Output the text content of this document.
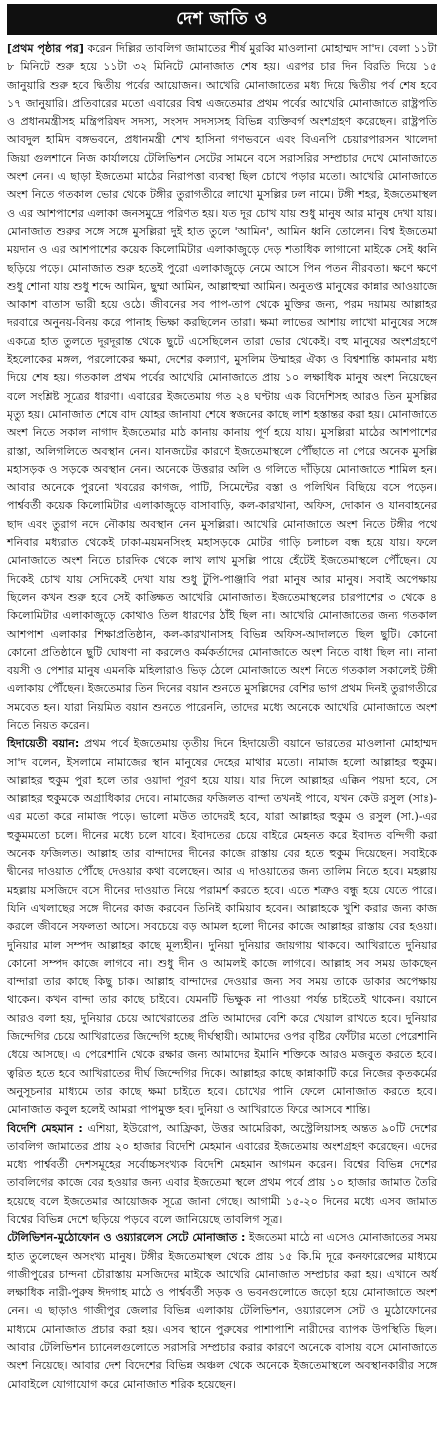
দেশ জাতি ও

[প্রথম পৃষ্ঠার পর] করেন দিল্লির তাবলিগ জামাতের শীর্ষ মুরব্বি মাওলানা মোহাম্মদ সা'দ। বেলা ১১টা ৮ মিনিটে শুরু হয়ে ১১টা ৩২ মিনিটে মোনাজাত শেষ হয়। এরপর চার দিন বিরতি দিয়ে ১৫ জানুয়ারি শুরু হবে দ্বিতীয় পর্বের আয়োজন। আখেরি মোনাজাতের মধ্য দিয়ে দ্বিতীয় পর্ব শেষ হবে ১৭ জানুয়ারি। প্রতিবারের মতো এবারের বিশ্ব এজতেমার প্রথম পর্বের আখেরি মোনাজাতে রাষ্ট্রপতি ও প্রধানমন্ত্রীসহ মন্ত্রিপরিষদ সদস্য, সংসদ সদস্যসহ বিভিন্ন ব্যক্তিবর্গ অংশগ্রহণ করেছেন। রাষ্ট্রপতি আবদুল হামিদ বঙ্গভবনে, প্রধানমন্ত্রী শেখ হাসিনা গণভবনে এবং বিএনপি চেয়ারপারসন খালেদা জিয়া গুলশানে নিজ কার্যালয়ে টেলিভিশন সেটের সামনে বসে সরাসরির সম্প্রচার দেখে মোনাজাতে অংশ নেন। এ ছাড়া ইজতেমা মাঠের নিরাপত্তা ব্যবস্থা ছিল চোখে পড়ার মতো। আখেরি মোনাজাতে অংশ নিতে গতকাল ভোর থেকে টঙ্গীর তুরাগতীরে লাখো মুসল্লির ঢল নামে। টঙ্গী শহর, ইজতেমাস্থল ও এর আশপাশের এলাকা জনসমুদ্রে পরিণত হয়। যত দূর চোখ যায় শুধু মানুষ আর মানুষ দেখা যায়। মোনাজাত শুরুর সঙ্গে সঙ্গে মুসল্লিরা দুই হাত তুলে 'আমিন', আমিন ধ্বনি তোলেন। বিশ্ব ইজতেমা ময়দান ও এর আশপাশের কয়েক কিলোমিটার এলাকাজুড়ে দেড় শতাধিক লাগানো মাইকে সেই ধ্বনি ছড়িয়ে পড়ে। মোনাজাত শুরু হতেই পুরো এলাকাজুড়ে নেমে আসে পিন পতন নীরবতা। ক্ষণে ক্ষণে শুধু শোনা যায় শুধু শব্দে আমিন, ছুম্মা আমিন, আল্লাহুম্মা আমিন। অনুতপ্ত মানুষের কান্নার আওয়াজে আকাশ বাতাস ভারী হয়ে ওঠে। জীবনের সব পাপ-তাপ থেকে মুক্তির জন্য, পরম দয়াময় আল্লাহর দরবারে অনুনয়-বিনয় করে পানাহ ভিক্ষা করছিলেন তারা। ক্ষমা লাভের আশায় লাখো মানুষের সঙ্গে একত্রে হাত তুলতে দূরদূরান্ত থেকে ছুটে এসেছিলেন তারা ভোর থেকেই। বহু মানুষের অংশগ্রহণে ইহলোকের মঙ্গল, পরলোকের ক্ষমা, দেশের কল্যাণ, মুসলিম উম্মাহর ঐক্য ও বিশ্বশান্তি কামনার মধ্য দিয়ে শেষ হয়। গতকাল প্রথম পর্বের আখেরি মোনাজাতে প্রায় ১০ লক্ষাধিক মানুষ অংশ নিয়েছেন বলে সংশ্লিষ্ট সূত্রের ধারণা। এবারের ইজতেমায় গত ২৪ ঘণ্টায় এক বিদেশিসহ আরও তিন মুসল্লির মৃত্যু হয়। মোনাজাত শেষে বাদ যোহর জানাযা শেষে স্বজনের কাছে লাশ হস্তান্তর করা হয়। মোনাজাতে অংশ নিতে সকাল নাগাদ ইজতেমার মাঠ কানায় কানায় পূর্ণ হয়ে যায়। মুসল্লিরা মাঠের আশপাশের রাস্তা, অলিগলিতে অবস্থান নেন। যানজটের কারণে ইজতেমাস্থলে পৌঁছাতে না পেরে অনেক মুসল্লি মহাসড়ক ও সড়কে অবস্থান নেন। অনেকে উত্তরার অলি ও গলিতে দাঁড়িয়ে মোনাজাতে শামিল হন। আবার অনেকে পুরনো খবরের কাগজ, পাটি, সিমেন্টের বস্তা ও পলিথিন বিছিয়ে বসে পড়েন। পার্শ্ববর্তী কয়েক কিলোমিটার এলাকাজুড়ে বাসাবাড়ি, কল-কারখানা, অফিস, দোকান ও যানবাহনের ছাদ এবং তুরাগ নদে নৌকায় অবস্থান নেন মুসল্লিরা। আখেরি মোনাজাতে অংশ নিতে টঙ্গীর পথে শনিবার মধ্যরাত থেকেই ঢাকা-ময়মনসিংহ মহাসড়কে মোটর গাড়ি চলাচল বন্ধ হয়ে যায়। ফলে মোনাজাতে অংশ নিতে চারদিক থেকে লাখ লাখ মুসল্লি পায়ে হেঁটেই ইজতেমাস্থলে পৌঁছেন। যে দিকেই চোখ যায় সেদিকেই দেখা যায় শুধু টুপি-পাঞ্জাবি পরা মানুষ আর মানুষ। সবাই অপেক্ষায় ছিলেন কখন শুরু হবে সেই কাঙ্ক্ষিত আখেরি মোনাজাত। ইজতেমাস্থলের চারপাশের ৩ থেকে ৪ কিলোমিটার এলাকাজুড়ে কোথাও তিল ধারণের ঠাঁই ছিল না। আখেরি মোনাজাতের জন্য গতকাল আশপাশ এলাকার শিক্ষাপ্রতিষ্ঠান, কল-কারখানাসহ বিভিন্ন অফিস-আদালতে ছিল ছুটি। কোনো কোনো প্রতিষ্ঠানে ছুটি ঘোষণা না করলেও কর্মকর্তাদের মোনাজাতে অংশ নিতে বাধা ছিল না। নানা বয়সী ও পেশার মানুষ এমনকি মহিলারাও ভিড় ঠেলে মোনাজাতে অংশ নিতে গতকাল সকালেই টঙ্গী এলাকায় পৌঁছেন। ইজতেমার তিন দিনের বয়ান শুনতে মুসল্লিদের বেশির ভাগ প্রথম দিনই তুরাগতীরে সমবেত হন। যারা নিয়মিত বয়ান শুনতে পারেননি, তাদের মধ্যে অনেকে আখেরি মোনাজাতে অংশ নিতে নিয়ত করেন।

হিদায়েতী বয়ান: প্রথম পর্বে ইজতেমায় তৃতীয় দিনে হিদায়েতী বয়ানে ভারতের মাওলানা মোহাম্মদ সা'দ বলেন, ইসলামে নামাজের স্থান মানুষের দেহের মাথার মতো। নামাজ হলো আল্লাহর হুকুম। আল্লাহর হুকুম পুরা হলে তার ওয়াদা পূরণ হয়ে যায়। যার দিলে আল্লাহর এক্কিন পয়দা হবে, সে আল্লাহর হুকুমকে অগ্রাধিকার দেবে। নামাজের ফজিলত বান্দা তখনই পাবে, যখন কেউ রসুল (সাঃ)-এর মতো করে নামাজ পড়ে। ভালো মউত তাদেরই হবে, যারা আল্লাহর হুকুম ও রসুল (সা.)-এর হুকুমমতো চলে। দীনের মধ্যে চলে যাবে। ইবাদতের চেয়ে বাইরে মেহনত করে ইবাদত বন্দিগী করা অনেক ফজিলত। আল্লাহ তার বান্দাদের দীনের কাজে রাস্তায় বের হতে হুকুম দিয়েছেন। সবাইকে দ্বীনের দাওয়াত পৌঁছে দেওয়ার কথা বলেছেন। আর এ দাওয়াতের জন্য তালিম নিতে হবে। মহল্লায় মহল্লায় মসজিদে বসে দীনের দাওয়াত নিয়ে পরামর্শ করতে হবে। এতে শত্রুও বন্ধু হয়ে যেতে পারে। যিনি এখলাছের সঙ্গে দীনের কাজ করবেন তিনিই কামিয়াব হবেন। আল্লাহকে খুশি করার জন্য কাজ করলে জীবনে সফলতা আসে। সবচেয়ে বড় আমল হলো দীনের কাজে আল্লাহর রাস্তায় বের হওয়া। দুনিয়ার মাল সম্পদ আল্লাহর কাছে মূল্যহীন। দুনিয়া দুনিয়ার জায়গায় থাকবে। আখিরাতে দুনিয়ার কোনো সম্পদ কাজে লাগবে না। শুধু দীন ও আমলই কাজে লাগবে। আল্লাহ সব সময় ডাকছেন বান্দারা তার কাছে কিছু চাক। আল্লাহ বান্দাদের দেওয়ার জন্য সব সময় তাকে ডাকার অপেক্ষায় থাকেন। কখন বান্দা তার কাছে চাইবে। যেমনটি ভিক্ষুক না পাওয়া পর্যন্ত চাইতেই থাকেন। বয়ানে আরও বলা হয়, দুনিয়ার চেয়ে আখেরাতের প্রতি আমাদের বেশি করে খেয়াল রাখতে হবে। দুনিয়ার জিন্দেগির চেয়ে আখিরাতের জিন্দেগি হচ্ছে দীর্ঘস্থায়ী। আমাদের ওপর বৃষ্টির ফোঁটার মতো পেরেশানি ধেয়ে আসছে। এ পেরেশানি থেকে রক্ষার জন্য আমাদের ইমানি শক্তিকে আরও মজবুত করতে হবে। ত্বরিত হতে হবে আখিরাতের দীর্ঘ জিন্দেগির দিকে। আল্লাহর কাছে কান্নাকাটি করে নিজের কৃতকর্মের অনুসূচনার মাধ্যমে তার কাছে ক্ষমা চাইতে হবে। চোখের পানি ফেলে মোনাজাত করতে হবে। মোনাজাত কবুল হলেই আমরা পাপমুক্ত হব। দুনিয়া ও আখিরাতে ফিরে আসবে শান্তি।

বিদেশি মেহমান : এশিয়া, ইউরোপ, আফ্রিকা, উত্তর আমেরিকা, অস্ট্রেলিয়াসহ অন্তত ৯০টি দেশের তাবলিগ জামাতের প্রায় ২০ হাজার বিদেশি মেহমান এবারের ইজতেমায় অংশগ্রহণ করেছেন। এদের মধ্যে পার্শ্ববর্তী দেশসমূহের সর্বোচ্চসংখ্যক বিদেশি মেহমান আগমন করেন। বিশ্বের বিভিন্ন দেশের তাবলিগের কাজে বের হওয়ার জন্য এবার ইজতেমা স্থলে প্রথম পর্বে প্রায় ১০ হাজার জামাত তৈরি হয়েছে বলে ইজতেমার আয়োজক সূত্রে জানা গেছে। আগামী ১৫-২০ দিনের মধ্যে এসব জামাত বিশ্বের বিভিন্ন দেশে ছড়িয়ে পড়বে বলে জানিয়েছে তাবলিগ সূত্র।

টেলিভিশন-মুঠোফোন ও ওয়্যারলেস সেটে মোনাজাত : ইজতেমা মাঠে না এসেও মোনাজাতের সময় হাত তুলেছেন অসংখ্য মানুষ। টঙ্গীর ইজতেমাস্থল থেকে প্রায় ১৫ কি.মি দূরে কনফারেন্সের মাধ্যমে গাজীপুরের চান্দনা চৌরাস্তায় মসজিদের মাইকে আখেরি মোনাজাত সম্প্রচার করা হয়। এখানে অর্ধ লক্ষাধিক নারী-পুরুষ ঈদগাহ মাঠে ও পার্শ্ববর্তী সড়ক ও ভবনগুলোতে জড়ো হয়ে মোনাজাতে অংশ নেন। এ ছাড়াও গাজীপুর জেলার বিভিন্ন এলাকায় টেলিভিশন, ওয়্যারলেস সেট ও মুঠোফোনের মাধ্যমে মোনাজাত প্রচার করা হয়। এসব স্থানে পুরুষের পাশাপাশি নারীদের ব্যাপক উপস্থিতি ছিল। আবার টেলিভিশন চ্যানেলগুলোতে সরাসরি সম্প্রচার করার কারণে অনেকে বাসায় বসে মোনাজাতে অংশ নিয়েছে। আবার দেশ বিদেশের বিভিন্ন অঞ্চল থেকে অনেকে ইজতেমাস্থলে অবস্থানকারীর সঙ্গে মোবাইলে যোগাযোগ করে মোনাজাত শরিক হয়েছেন।
